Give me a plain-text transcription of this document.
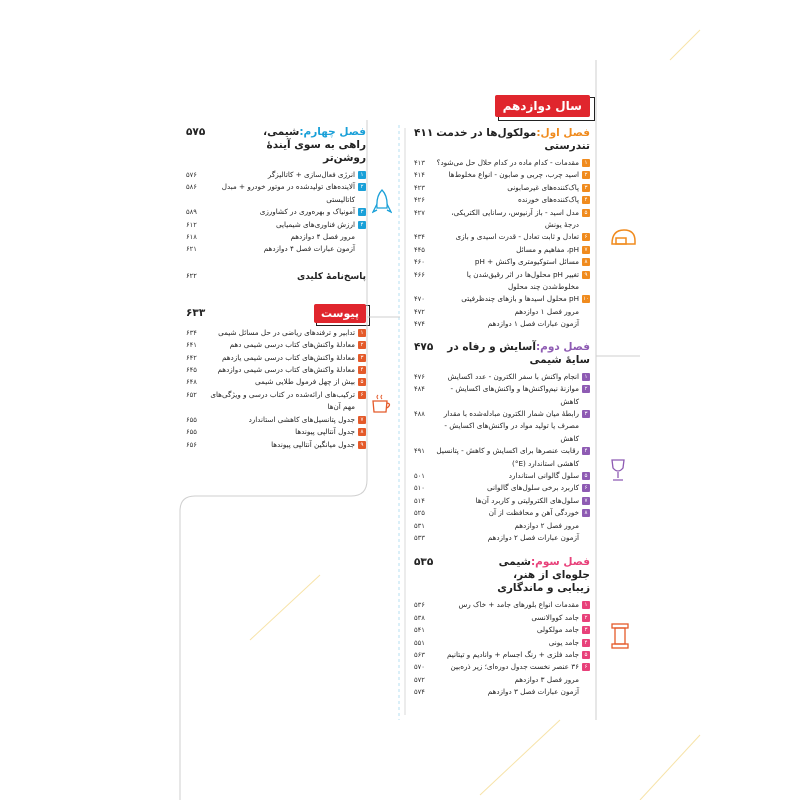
سال دوازدهم
فصل اول:مولکول‌ها در خدمت تندرستی
۴۱۱
۱
مقدمات - کدام ماده در کدام حلال حل می‌شود؟
۴۱۳
۲
اسید چرب، چربی و صابون - انواع مخلوط‌ها
۴۱۴
۳
پاک‌کننده‌های غیرصابونی
۴۲۳
۴
پاک‌کننده‌های خورنده
۴۲۶
۵
مدل اسید - باز آرنیوس، رسانایی الکتریکی، درجهٔ یونش
۴۲۷
۶
تعادل و ثابت تعادل - قدرت اسیدی و بازی
۴۳۴
۷
pH، مفاهیم و مسائل
۴۴۵
۸
مسائل استوکیومتری واکنش + pH
۴۶۰
۹
تغییر pH محلول‌ها در اثر رقیق‌شدن یا مخلوط‌شدن چند محلول
۴۶۶
۱۰
pH محلول اسیدها و بازهای چندظرفیتی
۴۷۰
مرور فصل ۱ دوازدهم
۴۷۲
آزمون عبارات فصل ۱ دوازدهم
۴۷۴
فصل دوم:آسایش و رفاه در سایهٔ شیمی
۴۷۵
۱
انجام واکنش با سفر الکترون - عدد اکسایش
۴۷۶
۲
موازنهٔ نیم‌واکنش‌ها و واکنش‌های اکسایش - کاهش
۴۸۴
۳
رابطهٔ میان شمار الکترون مبادله‌شده با مقدار مصرف یا تولید مواد در واکنش‌های اکسایش - کاهش
۴۸۸
۴
رقابت عنصرها برای اکسایش و کاهش - پتانسیل کاهشی استاندارد (E°)
۴۹۱
۵
سلول گالوانی استاندارد
۵۰۱
۶
کاربرد برخی سلول‌های گالوانی
۵۱۰
۷
سلول‌های الکترولیتی و کاربرد آن‌ها
۵۱۴
۸
خوردگی آهن و محافظت از آن
۵۲۵
مرور فصل ۲ دوازدهم
۵۳۱
آزمون عبارات فصل ۲ دوازدهم
۵۳۳
فصل سوم:شیمی جلوه‌ای از هنر، زیبایی و ماندگاری
۵۳۵
۱
مقدمات انواع بلورهای جامد + خاک رس
۵۳۶
۲
جامد کووالانسی
۵۳۸
۳
جامد مولکولی
۵۴۱
۴
جامد یونی
۵۵۱
۵
جامد فلزی + رنگ اجسام + وانادیم و تیتانیم
۵۶۳
۶
۳۶ عنصر نخست جدول دوره‌ای؛ زیر ذره‌بین
۵۷۰
مرور فصل ۳ دوازدهم
۵۷۲
آزمون عبارات فصل ۳ دوازدهم
۵۷۴
فصل چهارم:شیمی، راهی به سوی آیندهٔ روشن‌تر
۵۷۵
۱
انرژی فعال‌سازی + کاتالیزگر
۵۷۶
۲
آلاینده‌های تولیدشده در موتور خودرو + مبدل کاتالیستی
۵۸۶
۳
آمونیاک و بهره‌وری در کشاورزی
۵۸۹
۴
ارزش فناوری‌های شیمیایی
۶۱۲
مرور فصل ۴ دوازدهم
۶۱۸
آزمون عبارات فصل ۴ دوازدهم
۶۲۱
پاسخ‌نامهٔ کلیدی
۶۲۲
پیوست
۶۳۳
۱
تدابیر و ترفندهای ریاضی در حل مسائل شیمی
۶۳۴
۲
معادلهٔ واکنش‌های کتاب درسی شیمی دهم
۶۴۱
۳
معادلهٔ واکنش‌های کتاب درسی شیمی یازدهم
۶۴۲
۴
معادلهٔ واکنش‌های کتاب درسی شیمی دوازدهم
۶۴۵
۵
بیش از چهل فرمول طلایی شیمی
۶۴۸
۶
ترکیب‌های ارائه‌شده در کتاب درسی و ویژگی‌های مهم آن‌ها
۶۵۲
۷
جدول پتانسیل‌های کاهشی استاندارد
۶۵۵
۸
جدول آنتالپی پیوندها
۶۵۵
۹
جدول میانگین آنتالپی پیوندها
۶۵۶
